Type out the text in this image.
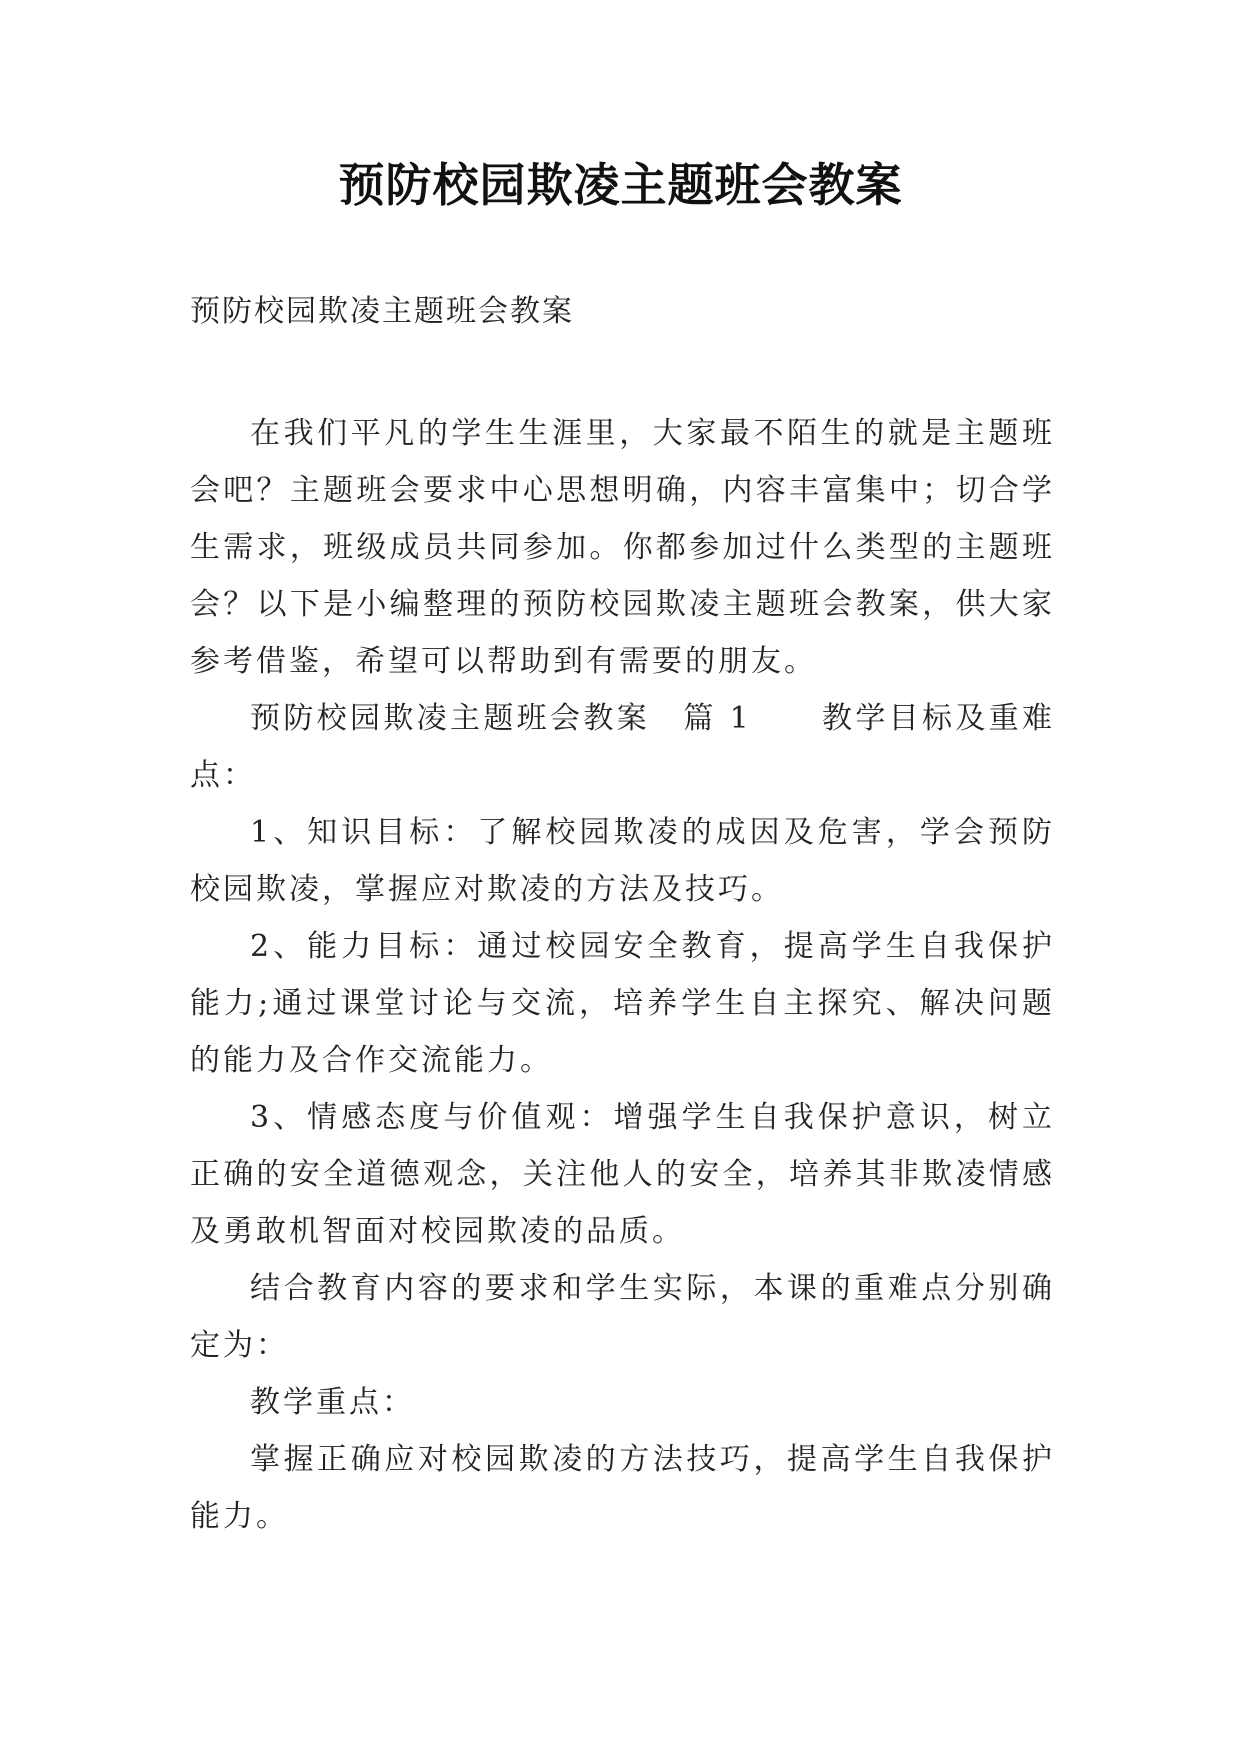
预防校园欺凌主题班会教案
预防校园欺凌主题班会教案

在我们平凡的学生生涯里，大家最不陌生的就是主题班会吧？主题班会要求中心思想明确，内容丰富集中；切合学生需求，班级成员共同参加。你都参加过什么类型的主题班会？以下是小编整理的预防校园欺凌主题班会教案，供大家参考借鉴，希望可以帮助到有需要的朋友。

预防校园欺凌主题班会教案　篇 1 教学目标及重难点：

1、知识目标：了解校园欺凌的成因及危害，学会预防校园欺凌，掌握应对欺凌的方法及技巧。

2、能力目标：通过校园安全教育，提高学生自我保护能力;通过课堂讨论与交流，培养学生自主探究、解决问题的能力及合作交流能力。

3、情感态度与价值观：增强学生自我保护意识，树立正确的安全道德观念，关注他人的安全，培养其非欺凌情感及勇敢机智面对校园欺凌的品质。

结合教育内容的要求和学生实际，本课的重难点分别确定为：

教学重点：

掌握正确应对校园欺凌的方法技巧，提高学生自我保护能力。
